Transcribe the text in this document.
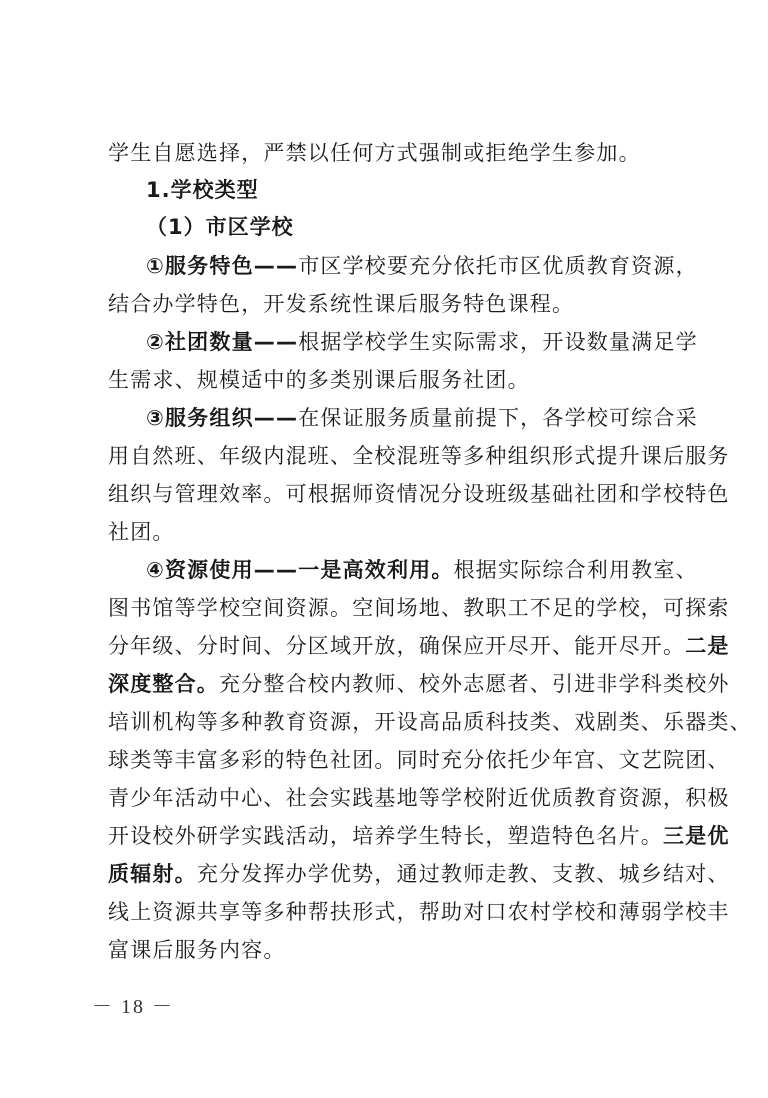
学生自愿选择，严禁以任何方式强制或拒绝学生参加。
1.学校类型
（1）市区学校
①服务特色——市区学校要充分依托市区优质教育资源，
结合办学特色，开发系统性课后服务特色课程。
②社团数量——根据学校学生实际需求，开设数量满足学
生需求、规模适中的多类别课后服务社团。
③服务组织——在保证服务质量前提下，各学校可综合采
用自然班、年级内混班、全校混班等多种组织形式提升课后服务
组织与管理效率。可根据师资情况分设班级基础社团和学校特色
社团。
④资源使用——一是高效利用。根据实际综合利用教室、
图书馆等学校空间资源。空间场地、教职工不足的学校，可探索
分年级、分时间、分区域开放，确保应开尽开、能开尽开。二是
深度整合。充分整合校内教师、校外志愿者、引进非学科类校外
培训机构等多种教育资源，开设高品质科技类、戏剧类、乐器类、
球类等丰富多彩的特色社团。同时充分依托少年宫、文艺院团、
青少年活动中心、社会实践基地等学校附近优质教育资源，积极
开设校外研学实践活动，培养学生特长，塑造特色名片。三是优
质辐射。充分发挥办学优势，通过教师走教、支教、城乡结对、
线上资源共享等多种帮扶形式，帮助对口农村学校和薄弱学校丰
富课后服务内容。
－ 18 －
